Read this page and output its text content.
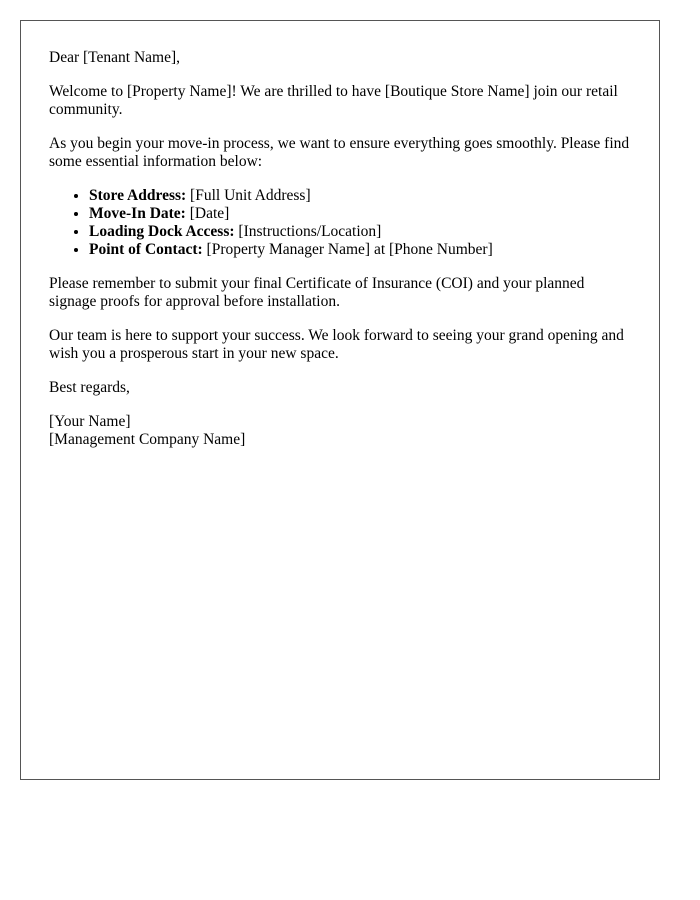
Dear [Tenant Name],

Welcome to [Property Name]! We are thrilled to have [Boutique Store Name] join our retail community.

As you begin your move-in process, we want to ensure everything goes smoothly. Please find some essential information below:

• Store Address: [Full Unit Address]
• Move-In Date: [Date]
• Loading Dock Access: [Instructions/Location]
• Point of Contact: [Property Manager Name] at [Phone Number]

Please remember to submit your final Certificate of Insurance (COI) and your planned signage proofs for approval before installation.

Our team is here to support your success. We look forward to seeing your grand opening and wish you a prosperous start in your new space.

Best regards,

[Your Name]
[Management Company Name]
